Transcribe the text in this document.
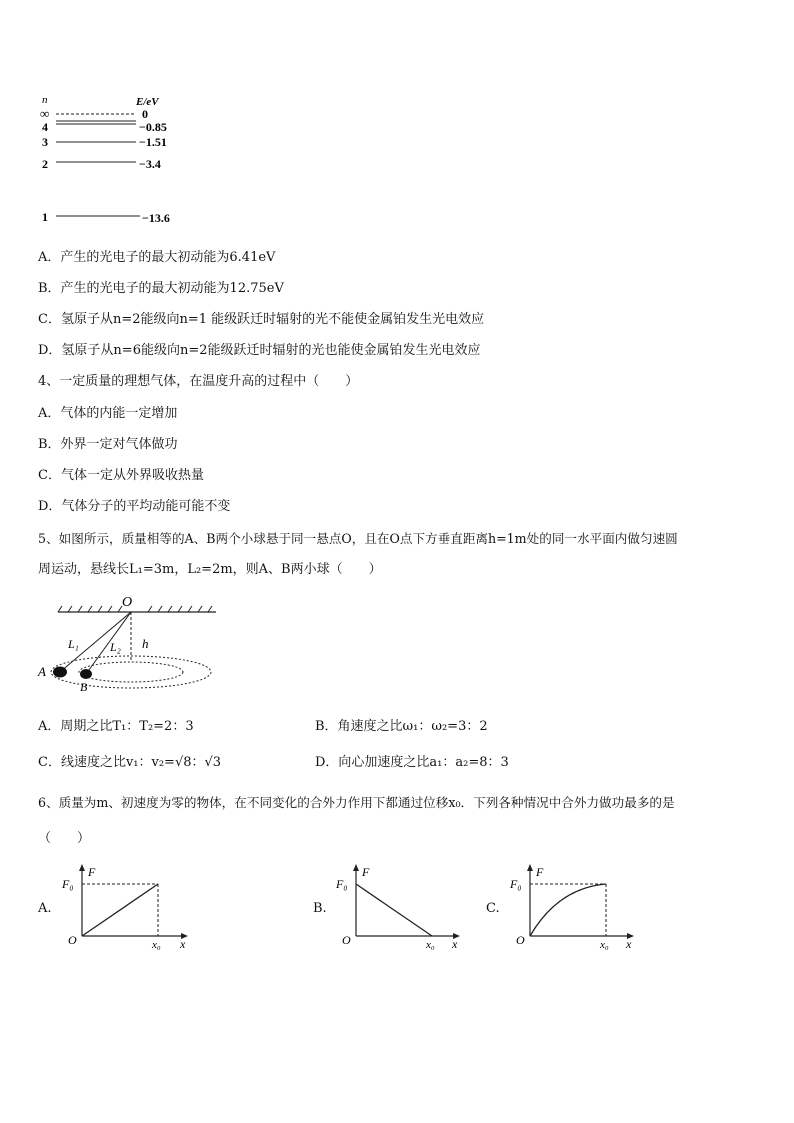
n	E/eV
∞	0
4	−0.85
3	−1.51
2	−3.4
1	−13.6
A．产生的光电子的最大初动能为6.41eV
B．产生的光电子的最大初动能为12.75eV
C．氢原子从n=2能级向n=1 能级跃迁时辐射的光不能使金属铂发生光电效应
D．氢原子从n=6能级向n=2能级跃迁时辐射的光也能使金属铂发生光电效应
4、一定质量的理想气体，在温度升高的过程中（　　）
A．气体的内能一定增加
B．外界一定对气体做功
C．气体一定从外界吸收热量
D．气体分子的平均动能可能不变
5、如图所示，质量相等的A、B两个小球悬于同一悬点O，且在O点下方垂直距离h=1m处的同一水平面内做匀速圆
周运动，悬线长L₁=3m，L₂=2m，则A、B两小球（　　）
O
L₁	L₂ h
A
B
A．周期之比T₁：T₂=2：3	B．角速度之比ω₁：ω₂=3：2
C．线速度之比v₁：v₂=√8：√3	D．向心加速度之比a₁：a₂=8：3
6、质量为m、初速度为零的物体，在不同变化的合外力作用下都通过位移x₀．下列各种情况中合外力做功最多的是
（　　）
A.
F₀
F
O	x₀ x
B.
F₀
F
O	x₀ x
C.
F₀
F
O	x₀ x
